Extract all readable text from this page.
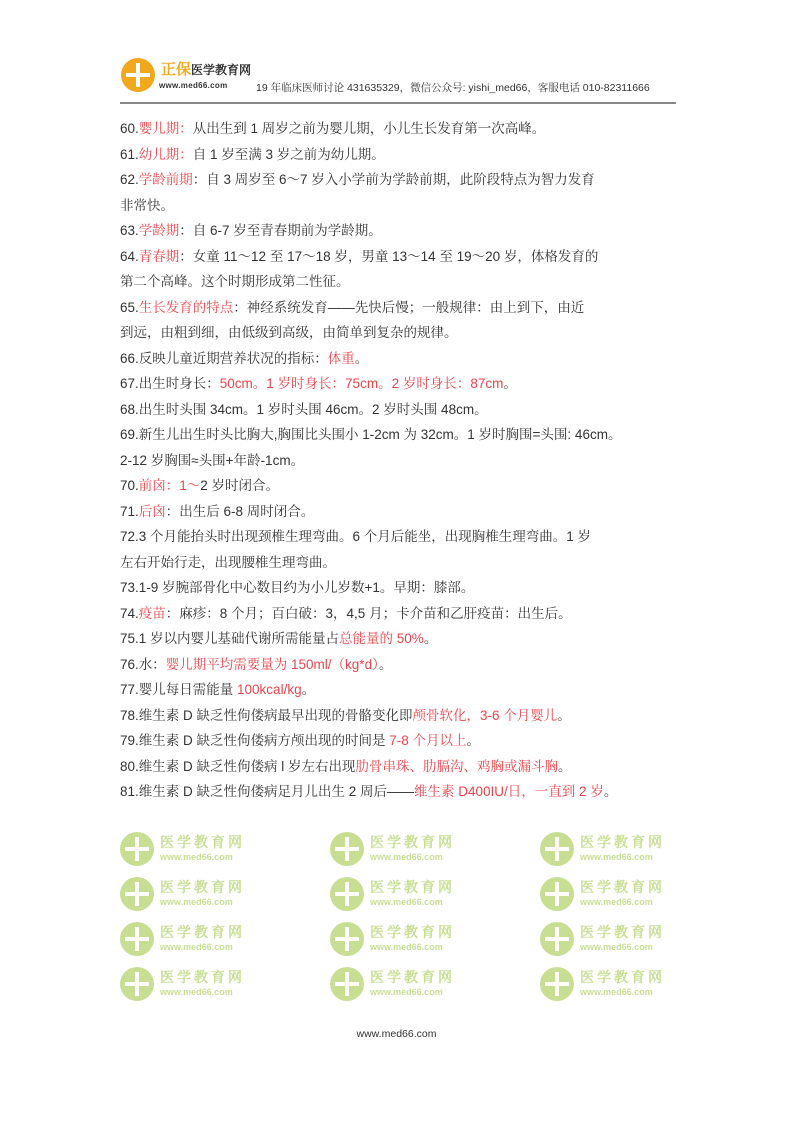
正保医学教育网
www.med66.com	19 年临床医师讨论 431635329，微信公众号: yishi_med66，客服电话 010-82311666
医学教育网
www.med66.com
医学教育网
www.med66.com
医学教育网
www.med66.com
医学教育网
www.med66.com
医学教育网
www.med66.com
医学教育网
www.med66.com
医学教育网
www.med66.com
医学教育网
www.med66.com
医学教育网
www.med66.com
医学教育网
www.med66.com
医学教育网
www.med66.com
医学教育网
www.med66.com
60.婴儿期：从出生到 1 周岁之前为婴儿期，小儿生长发育第一次高峰。
61.幼儿期：自 1 岁至满 3 岁之前为幼儿期。
62.学龄前期：自 3 周岁至 6～7 岁入小学前为学龄前期，此阶段特点为智力发育
非常快。
63.学龄期：自 6-7 岁至青春期前为学龄期。
64.青春期：女童 11～12 至 17～18 岁，男童 13～14 至 19～20 岁，体格发育的
第二个高峰。这个时期形成第二性征。
65.生长发育的特点：神经系统发育——先快后慢；一般规律：由上到下，由近
到远，由粗到细，由低级到高级，由简单到复杂的规律。
66.反映儿童近期营养状况的指标：体重。
67.出生时身长：50cm。1 岁时身长：75cm。2 岁时身长：87cm。
68.出生时头围 34cm。1 岁时头围 46cm。2 岁时头围 48cm。
69.新生儿出生时头比胸大,胸围比头围小 1-2cm 为 32cm。1 岁时胸围=头围: 46cm。
2-12 岁胸围≈头围+年龄-1cm。
70.前囟：1～2 岁时闭合。
71.后囟：出生后 6-8 周时闭合。
72.3 个月能抬头时出现颈椎生理弯曲。6 个月后能坐，出现胸椎生理弯曲。1 岁
左右开始行走，出现腰椎生理弯曲。
73.1-9 岁腕部骨化中心数目约为小儿岁数+1。早期：膝部。
74.疫苗：麻疹：8 个月；百白破：3，4,5 月；卡介苗和乙肝疫苗：出生后。
75.1 岁以内婴儿基础代谢所需能量占总能量的 50%。
76.水：婴儿期平均需要量为 150ml/（kg*d）。
77.婴儿每日需能量 100kcal/kg。
78.维生素 D 缺乏性佝偻病最早出现的骨骼变化即颅骨软化，3-6 个月婴儿。
79.维生素 D 缺乏性佝偻病方颅出现的时间是 7-8 个月以上。
80.维生素 D 缺乏性佝偻病 l 岁左右出现肋骨串珠、肋膈沟、鸡胸或漏斗胸。
81.维生素 D 缺乏性佝偻病足月儿出生 2 周后——维生素 D400IU/日，一直到 2 岁。
www.med66.com
